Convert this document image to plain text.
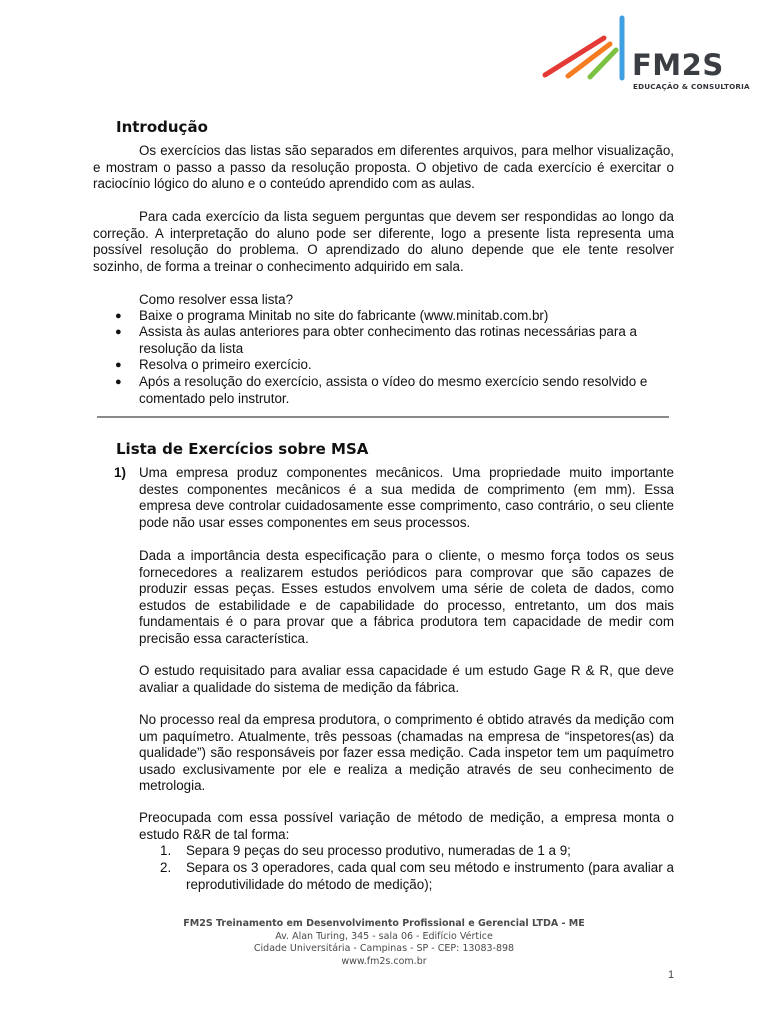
FM2S
EDUCAÇÃO & CONSULTORIA
Introdução
Os exercícios das listas são separados em diferentes arquivos, para melhor visualização, e mostram o passo a passo da resolução proposta. O objetivo de cada exercício é exercitar o raciocínio lógico do aluno e o conteúdo aprendido com as aulas.
Para cada exercício da lista seguem perguntas que devem ser respondidas ao longo da correção. A interpretação do aluno pode ser diferente, logo a presente lista representa uma possível resolução do problema. O aprendizado do aluno depende que ele tente resolver sozinho, de forma a treinar o conhecimento adquirido em sala.
Como resolver essa lista?
● Baixe o programa Minitab no site do fabricante (www.minitab.com.br)
● Assista às aulas anteriores para obter conhecimento das rotinas necessárias para a resolução da lista
● Resolva o primeiro exercício.
● Após a resolução do exercício, assista o vídeo do mesmo exercício sendo resolvido e comentado pelo instrutor.
Lista de Exercícios sobre MSA
1) Uma empresa produz componentes mecânicos. Uma propriedade muito importante destes componentes mecânicos é a sua medida de comprimento (em mm). Essa empresa deve controlar cuidadosamente esse comprimento, caso contrário, o seu cliente pode não usar esses componentes em seus processos.
Dada a importância desta especificação para o cliente, o mesmo força todos os seus fornecedores a realizarem estudos periódicos para comprovar que são capazes de produzir essas peças. Esses estudos envolvem uma série de coleta de dados, como estudos de estabilidade e de capabilidade do processo, entretanto, um dos mais fundamentais é o para provar que a fábrica produtora tem capacidade de medir com precisão essa característica.
O estudo requisitado para avaliar essa capacidade é um estudo Gage R & R, que deve avaliar a qualidade do sistema de medição da fábrica.
No processo real da empresa produtora, o comprimento é obtido através da medição com um paquímetro. Atualmente, três pessoas (chamadas na empresa de “inspetores(as) da qualidade”) são responsáveis por fazer essa medição. Cada inspetor tem um paquímetro usado exclusivamente por ele e realiza a medição através de seu conhecimento de metrologia.
Preocupada com essa possível variação de método de medição, a empresa monta o estudo R&R de tal forma:
1. Separa 9 peças do seu processo produtivo, numeradas de 1 a 9;
2. Separa os 3 operadores, cada qual com seu método e instrumento (para avaliar a reprodutivilidade do método de medição);
FM2S Treinamento em Desenvolvimento Profissional e Gerencial LTDA - ME
Av. Alan Turing, 345 - sala 06 - Edifício Vértice
Cidade Universitária - Campinas - SP - CEP: 13083-898
www.fm2s.com.br
1
